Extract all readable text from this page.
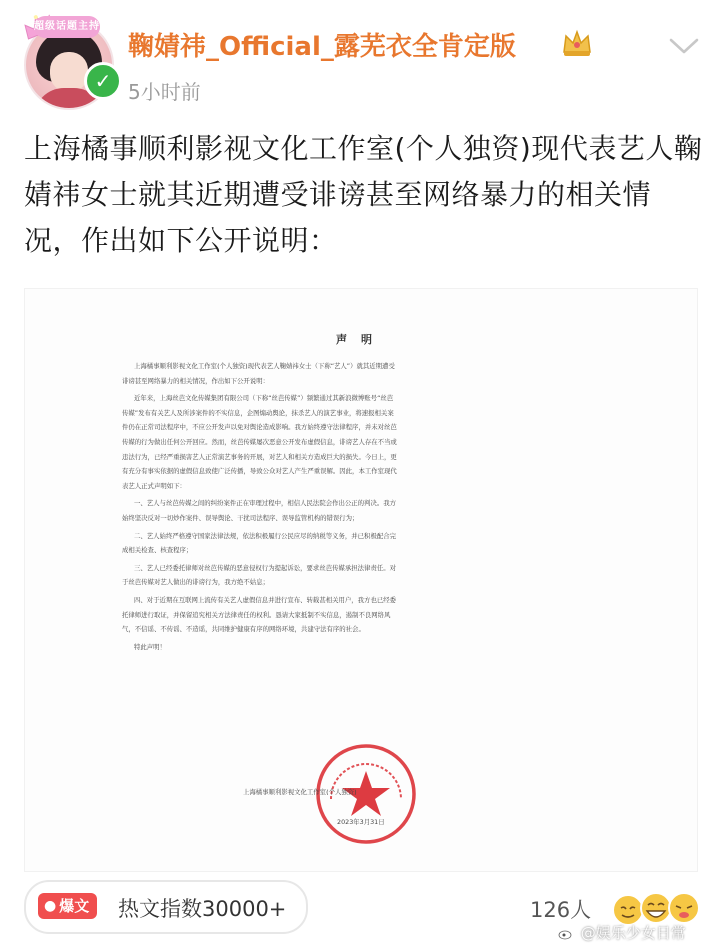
超级话题主持
✓
鞠婧祎_Official_露芜衣全肯定版
5小时前
上海橘事顺利影视文化工作室(个人独资)现代表艺人鞠婧祎女士就其近期遭受诽谤甚至网络暴力的相关情况，作出如下公开说明：
声明

上海橘事顺利影视文化工作室(个人独资)现代表艺人鞠婧祎女士（下称“艺人”）就其近期遭受诽谤甚至网络暴力的相关情况，作出如下公开说明：

近年来，上海丝芭文化传媒集团有限公司（下称“丝芭传媒”）频繁通过其新浪微博账号“丝芭传媒”发布有关艺人及所涉案件的不实信息，企图煽动舆论，抹杀艺人的演艺事业，将速报相关案件仍在正常司法程序中，不应公开发声以免对舆论造成影响。我方始终遵守法律程序，并未对丝芭传媒的行为做出任何公开回应。然而，丝芭传媒屡次恶意公开发布虚假信息，诽谤艺人存在不当或违法行为，已经严重损害艺人正常演艺事务的开展，对艺人和相关方造成巨大的损失。今日上，更有充分有事实依据的虚假信息致使广泛传播，导致公众对艺人产生严重误解。因此，本工作室现代表艺人正式声明如下：

一、艺人与丝芭传媒之间的纠纷案件正在审理过程中，相信人民法院会作出公正的判决。我方始终坚决反对一切炒作案件、误导舆论、干扰司法程序、误导监管机构的错误行为；

二、艺人始终严格遵守国家法律法规，依法积极履行公民应尽的纳税等义务，并已积极配合完成相关检查、核查程序；

三、艺人已经委托律师对丝芭传媒的恶意侵权行为提起诉讼，要求丝芭传媒承担法律责任。对于丝芭传媒对艺人做出的诽谤行为，我方绝不姑息；

四、对于近期在互联网上流传有关艺人虚假信息并进行宣布、转载甚相关用户，我方也已经委托律师进行取证，并保留追究相关方法律责任的权利。恳请大家抵制不实信息，遏制不良网络风气，不信谣、不传谣、不造谣，共同维护健康有序的网络环境，共建守法有序的社会。

特此声明！

上海橘事顺利影视文化工作室(个人独资)
2023年3月31日
● 爆文 热文指数30000+	126人
@娱乐少女日常
